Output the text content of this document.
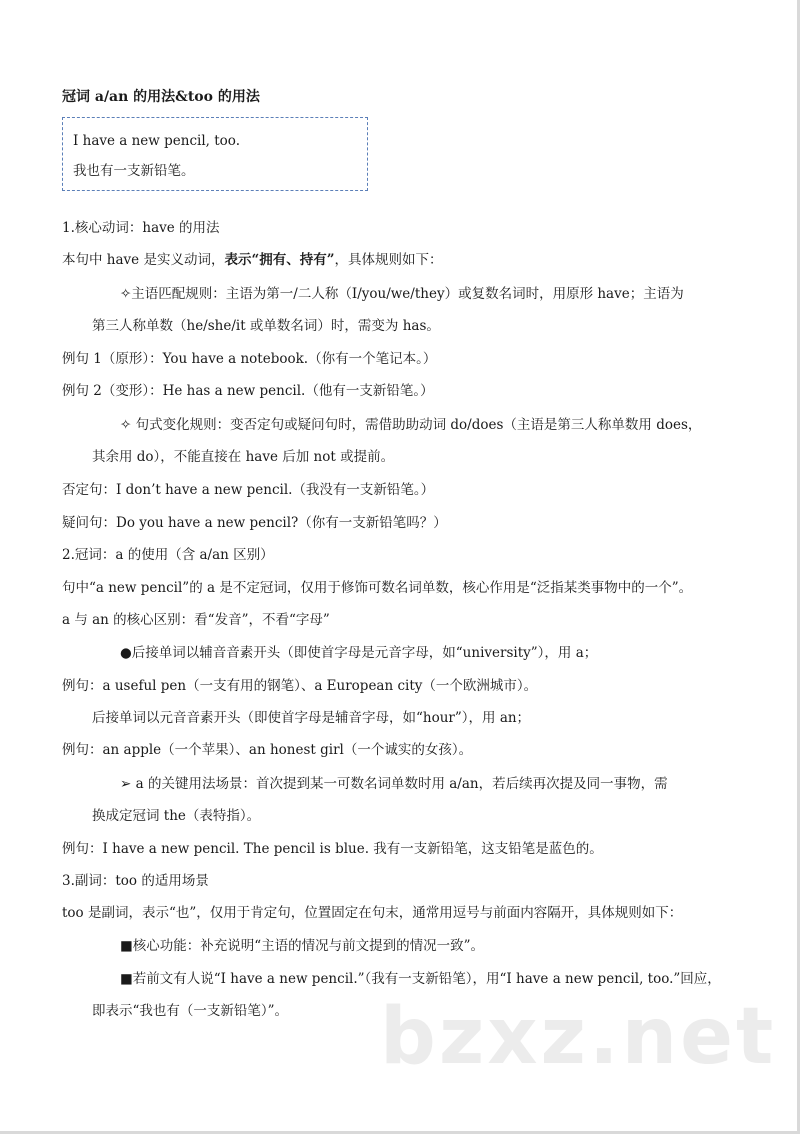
冠词 a/an 的用法&too 的用法
I have a new pencil, too.
我也有一支新铅笔。
1.核心动词：have 的用法
本句中 have 是实义动词，表示“拥有、持有”，具体规则如下：
✧主语匹配规则：主语为第一/二人称（I/you/we/they）或复数名词时，用原形 have；主语为
第三人称单数（he/she/it 或单数名词）时，需变为 has。
例句 1（原形）：You have a notebook.（你有一个笔记本。）
例句 2（变形）：He has a new pencil.（他有一支新铅笔。）
✧ 句式变化规则：变否定句或疑问句时，需借助助动词 do/does（主语是第三人称单数用 does，
其余用 do），不能直接在 have 后加 not 或提前。
否定句：I don’t have a new pencil.（我没有一支新铅笔。）
疑问句：Do you have a new pencil?（你有一支新铅笔吗？）
2.冠词：a 的使用（含 a/an 区别）
句中“a new pencil”的 a 是不定冠词，仅用于修饰可数名词单数，核心作用是“泛指某类事物中的一个”。
a 与 an 的核心区别：看“发音”，不看“字母”
●后接单词以辅音音素开头（即使首字母是元音字母，如“university”），用 a；
例句：a useful pen（一支有用的钢笔）、a European city（一个欧洲城市）。
后接单词以元音音素开头（即使首字母是辅音字母，如“hour”），用 an；
例句：an apple（一个苹果）、an honest girl（一个诚实的女孩）。
➢ a 的关键用法场景：首次提到某一可数名词单数时用 a/an，若后续再次提及同一事物，需
换成定冠词 the（表特指）。
例句：I have a new pencil. The pencil is blue. 我有一支新铅笔，这支铅笔是蓝色的。
3.副词：too 的适用场景
too 是副词，表示“也”，仅用于肯定句，位置固定在句末，通常用逗号与前面内容隔开，具体规则如下：
■核心功能：补充说明“主语的情况与前文提到的情况一致”。
■若前文有人说“I have a new pencil.”（我有一支新铅笔），用“I have a new pencil, too.”回应，
即表示“我也有（一支新铅笔）”。 bzxz.net
